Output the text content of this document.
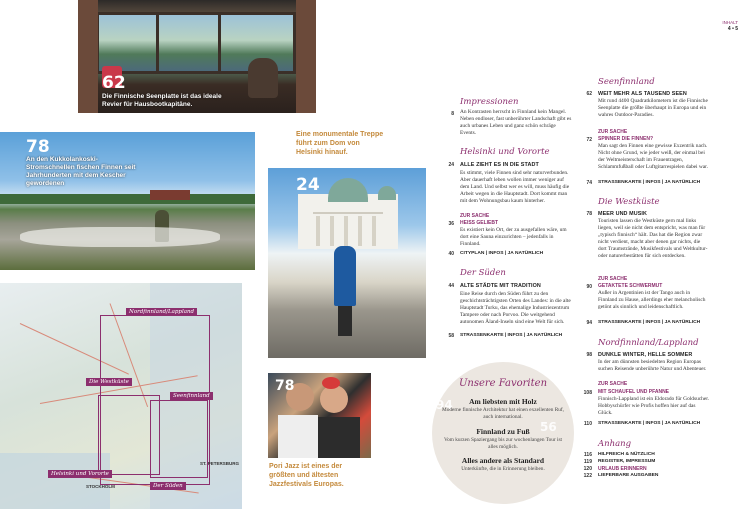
INHALT
4 • 5
62
Die Finnische Seenplatte ist das ideale Revier für Hausbootkapitäne.
78
An den Kukkolankoski-Stromschnellen fischen Finnen seit Jahrhunderten mit dem Kescher gewordenen
Eine monumentale Treppe führt zum Dom von Helsinki hinauf.
24
78
Pori Jazz ist eines der größten und ältesten Jazzfestivals Europas.
Nordfinnland/Lappland
Die Westküste
Seenfinnland
Helsinki und Vororte
Der Süden
ST. PETERSBURG
STOCKHOLM
Unsere Favoriten
94
56
Am liebsten mit Holz
Moderne finnische Architektur hat einen exzellenten Ruf, auch international.
Finnland zu Fuß
Vom kurzen Spaziergang bis zur wochenlangen Tour ist alles möglich.
Alles andere als Standard
Unterkünfte, die in Erinnerung bleiben.
Impressionen
8 An Kontrasten herrscht in Finnland kein Mangel. Neben endloser, fast unberührter Landschaft gibt es auch urbanes Leben und ganz schön schräge Events.
Helsinki und Vororte
24 ALLE ZIEHT ES IN DIE STADT
Es stimmt, viele Finnen sind sehr naturverbunden. Aber dauerhaft leben wollen immer weniger auf dem Land. Und selbst wer es will, muss häufig die Arbeit wegen in die Hauptstadt. Dort kommt man mit dem Wohnungsbau kaum hinterher.
ZUR SACHE
36 HEISS GELIEBT
Es existiert kein Ort, der zu ausgefallen wäre, um dort eine Sauna einzurichten – jedenfalls in Finnland.
40 CITYPLAN | INFOS | JA NATÜRLICH
Der Süden
44 ALTE STÄDTE MIT TRADITION
Eine Reise durch den Süden führt zu den geschichtsträchtigsten Orten des Landes: in die alte Hauptstadt Turku, das ehemalige Industriezentrum Tampere oder nach Porvoo. Die weitgehend autonomen Åland-Inseln sind eine Welt für sich.
58 STRASSENKARTE | INFOS | JA NATÜRLICH
Seenfinnland
62 WEIT MEHR ALS TAUSEND SEEN
Mit rund 4400 Quadratkilometern ist die Finnische Seenplatte die größte überhaupt in Europa und ein wahres Outdoor-Paradies.
ZUR SACHE
72 SPINNER DIE FINNEN?
Man sagt den Finnen eine gewisse Exzentrik nach. Nicht ohne Grund, wie jeder weiß, der einmal bei der Weltmeisterschaft im Frauentragen, Schlammfußball oder Luftgitarrespielen dabei war.
74 STRASSENKARTE | INFOS | JA NATÜRLICH
Die Westküste
78 MEER UND MUSIK
Touristen lassen die Westküste gern mal links liegen, weil sie nicht dem entspricht, was man für „typisch finnisch“ hält. Das hat die Region zwar nicht verdient, macht aber denen gar nichts, die dort Traumstrände, Musikfestivals und Weltkultur- oder naturerbestätten für sich entdecken.
ZUR SACHE
90 GETAKTETE SCHWERMUT
Außer in Argentinien ist der Tango auch in Finnland zu Hause, allerdings eher melancholisch getönt als sinnlich und leidenschaftlich.
94 STRASSENKARTE | INFOS | JA NATÜRLICH
Nordfinnland/Lappland
98 DUNKLE WINTER, HELLE SOMMER
In der am dünnsten besiedelten Region Europas suchen Reisende unberührte Natur und Abenteuer.
ZUR SACHE
108 MIT SCHAUFEL UND PFANNE
Finnisch-Lappland ist ein Eldorado für Goldsucher. Hobbyschürfer wie Profis hoffen hier auf das Glück.
110 STRASSENKARTE | INFOS | JA NATÜRLICH
Anhang
116 HILFREICH & NÜTZLICH
119 REGISTER, IMPRESSUM
120 URLAUB ERINNERN
122 LIEFERBARE AUSGABEN
